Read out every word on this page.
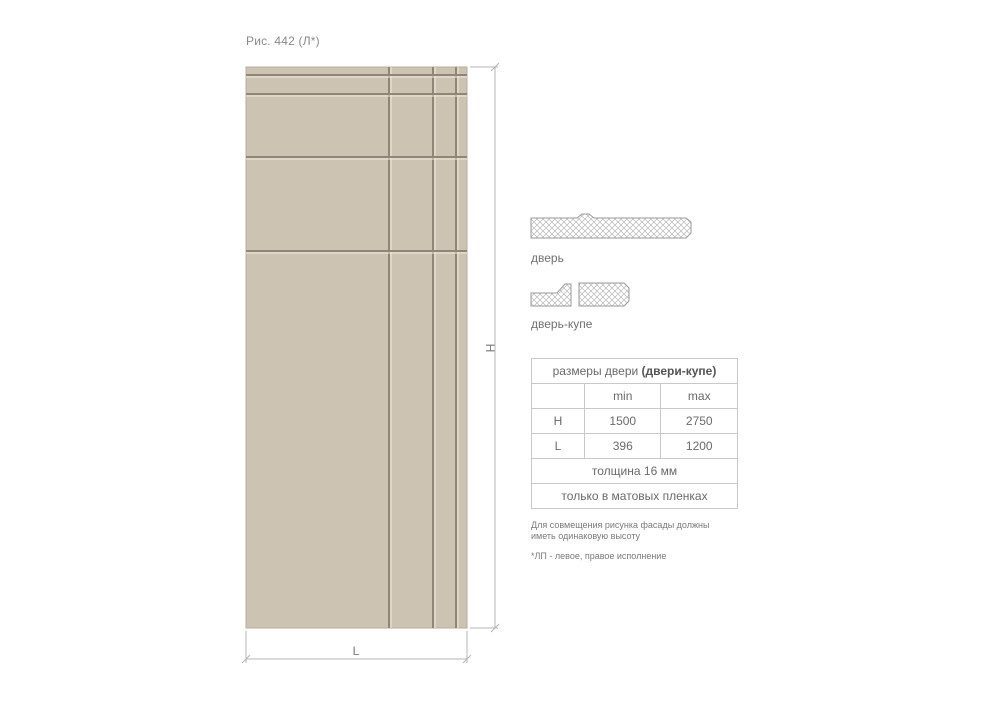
Рис. 442 (Л*)
H
L
дверь
дверь-купе
размеры двери (двери-купе)		
	min	max
H	1500	2750
L	396	1200
толщина 16 мм		
только в матовых пленках		
Для совмещения рисунка фасады должны иметь одинаковую высоту
*ЛП - левое, правое исполнение
